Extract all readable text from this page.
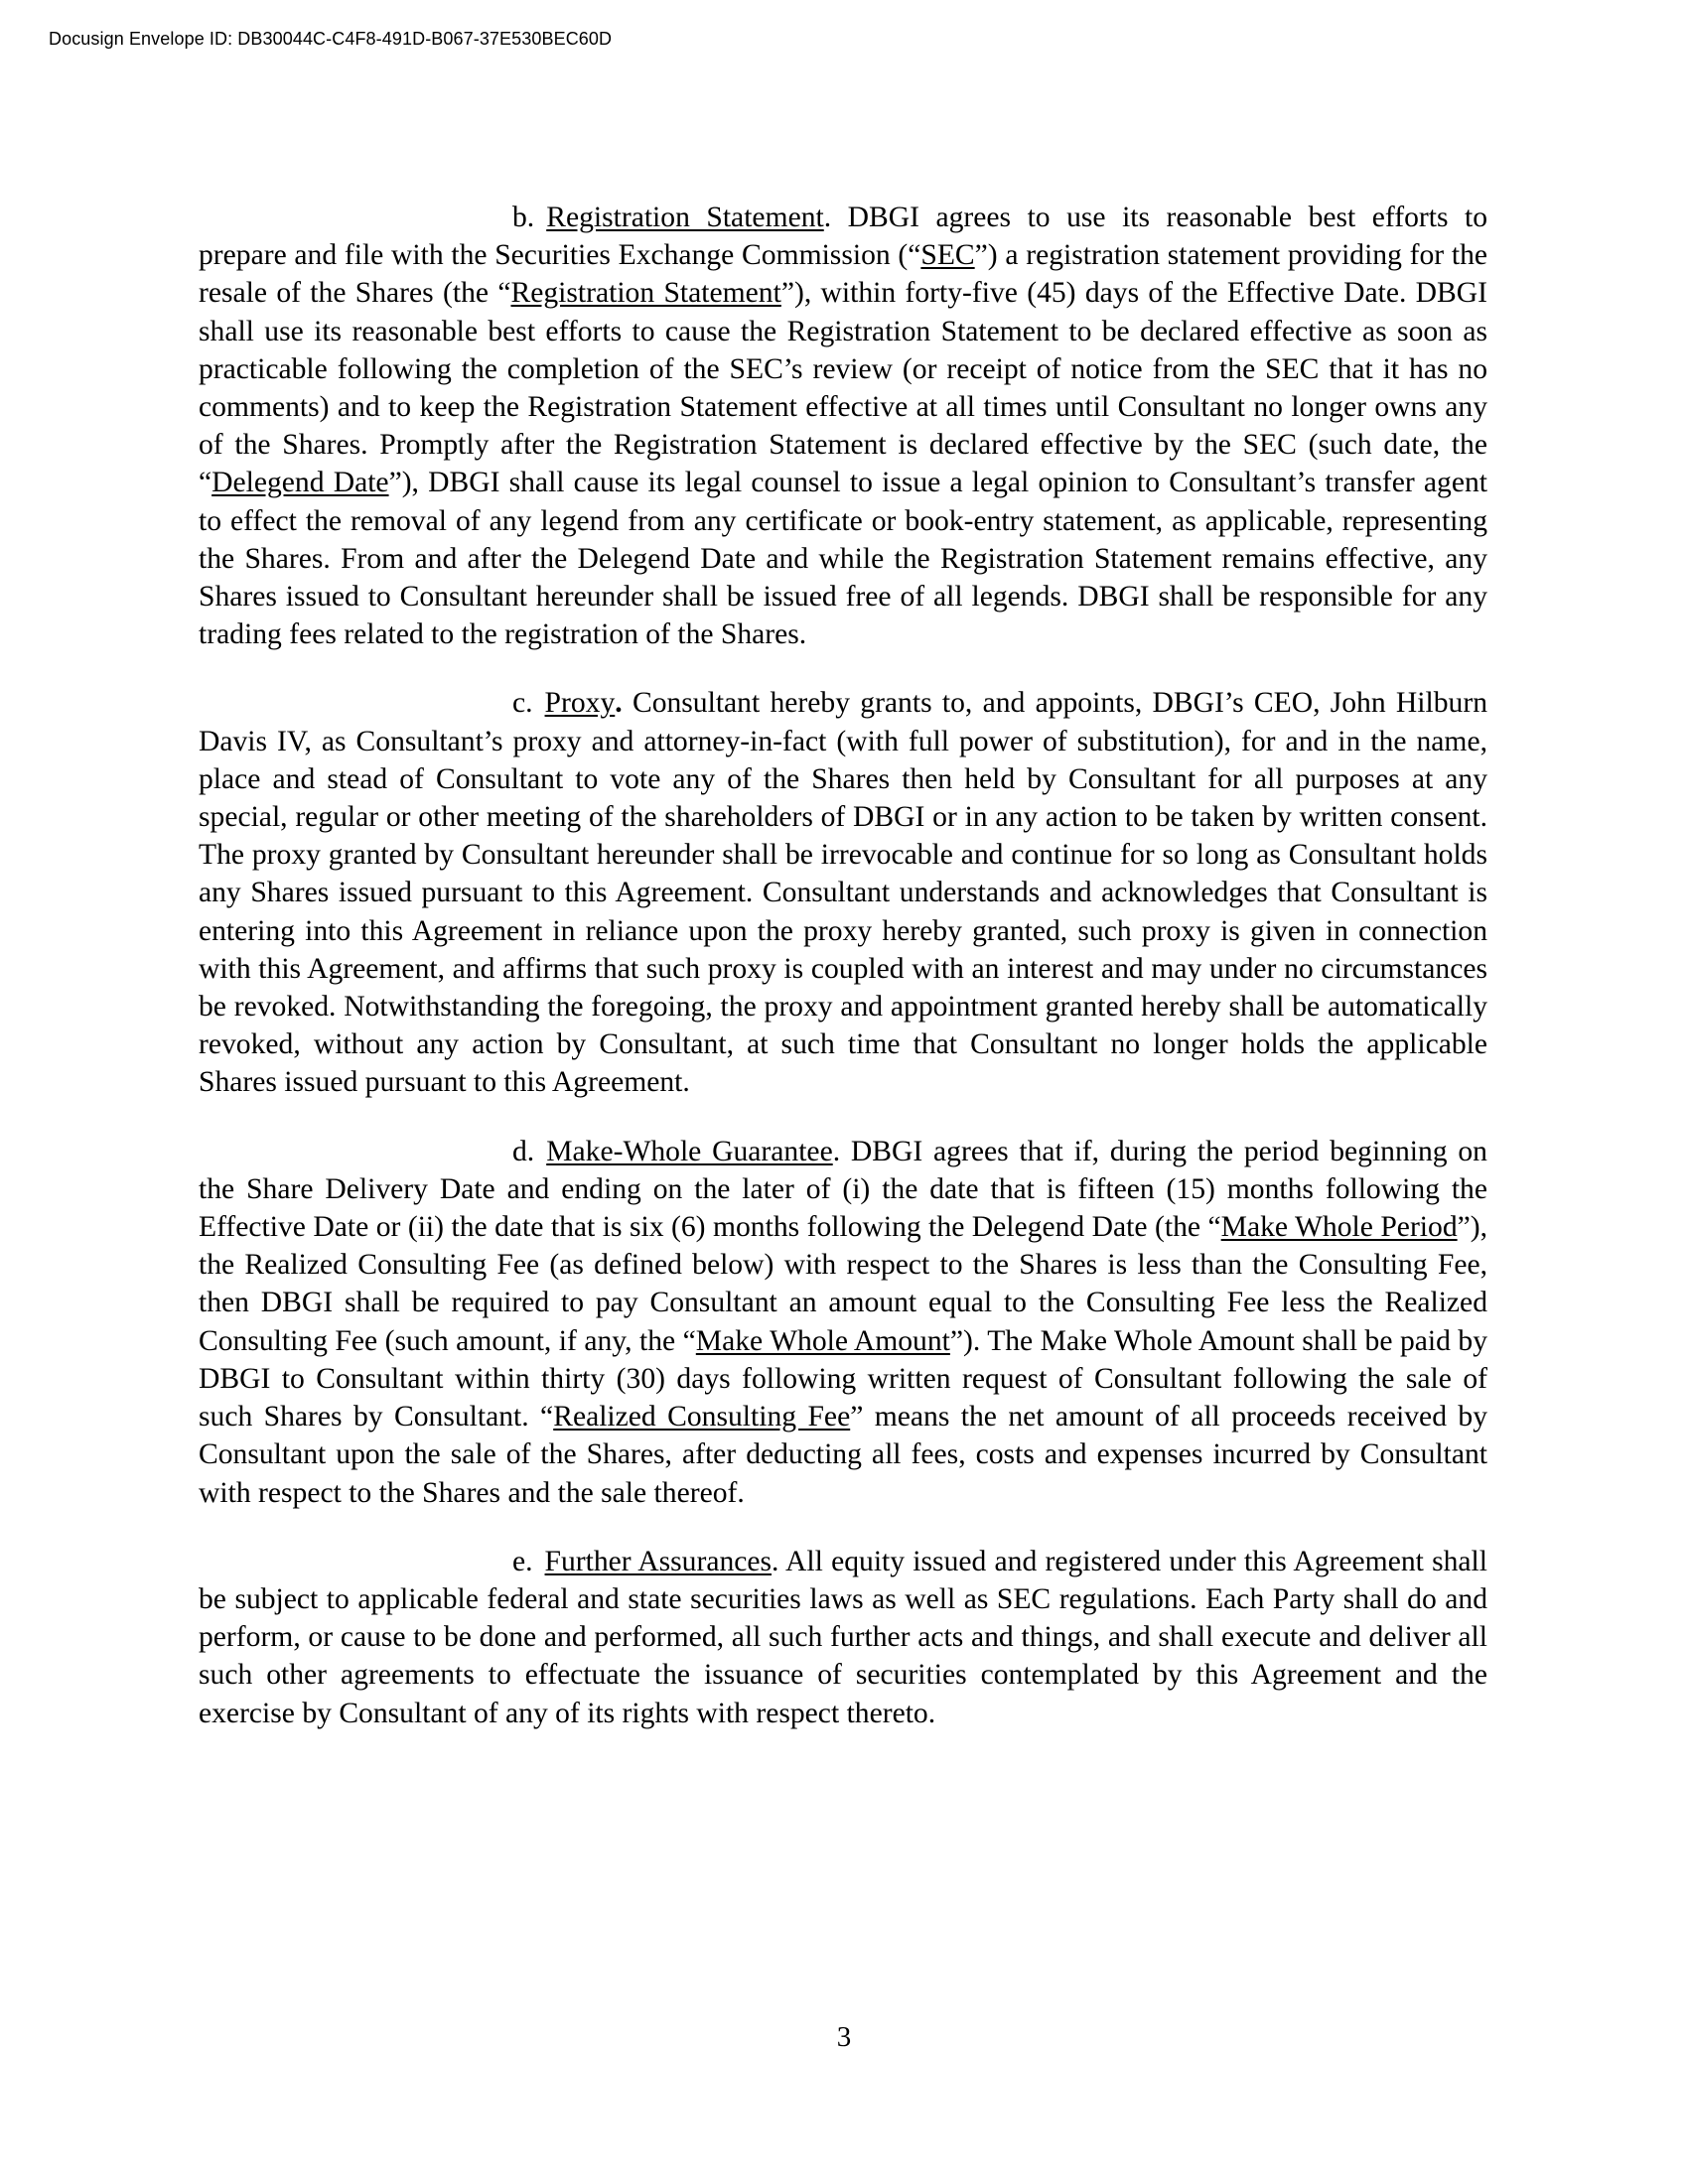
Docusign Envelope ID: DB30044C-C4F8-491D-B067-37E530BEC60D

b. Registration Statement. DBGI agrees to use its reasonable best efforts to prepare and file with the Securities Exchange Commission (“SEC”) a registration statement providing for the resale of the Shares (the “Registration Statement”), within forty-five (45) days of the Effective Date. DBGI shall use its reasonable best efforts to cause the Registration Statement to be declared effective as soon as practicable following the completion of the SEC’s review (or receipt of notice from the SEC that it has no comments) and to keep the Registration Statement effective at all times until Consultant no longer owns any of the Shares. Promptly after the Registration Statement is declared effective by the SEC (such date, the “Delegend Date”), DBGI shall cause its legal counsel to issue a legal opinion to Consultant’s transfer agent to effect the removal of any legend from any certificate or book-entry statement, as applicable, representing the Shares. From and after the Delegend Date and while the Registration Statement remains effective, any Shares issued to Consultant hereunder shall be issued free of all legends. DBGI shall be responsible for any trading fees related to the registration of the Shares.

c. Proxy. Consultant hereby grants to, and appoints, DBGI’s CEO, John Hilburn Davis IV, as Consultant’s proxy and attorney-in-fact (with full power of substitution), for and in the name, place and stead of Consultant to vote any of the Shares then held by Consultant for all purposes at any special, regular or other meeting of the shareholders of DBGI or in any action to be taken by written consent. The proxy granted by Consultant hereunder shall be irrevocable and continue for so long as Consultant holds any Shares issued pursuant to this Agreement. Consultant understands and acknowledges that Consultant is entering into this Agreement in reliance upon the proxy hereby granted, such proxy is given in connection with this Agreement, and affirms that such proxy is coupled with an interest and may under no circumstances be revoked. Notwithstanding the foregoing, the proxy and appointment granted hereby shall be automatically revoked, without any action by Consultant, at such time that Consultant no longer holds the applicable Shares issued pursuant to this Agreement.

d. Make-Whole Guarantee. DBGI agrees that if, during the period beginning on the Share Delivery Date and ending on the later of (i) the date that is fifteen (15) months following the Effective Date or (ii) the date that is six (6) months following the Delegend Date (the “Make Whole Period”), the Realized Consulting Fee (as defined below) with respect to the Shares is less than the Consulting Fee, then DBGI shall be required to pay Consultant an amount equal to the Consulting Fee less the Realized Consulting Fee (such amount, if any, the “Make Whole Amount”). The Make Whole Amount shall be paid by DBGI to Consultant within thirty (30) days following written request of Consultant following the sale of such Shares by Consultant. “Realized Consulting Fee” means the net amount of all proceeds received by Consultant upon the sale of the Shares, after deducting all fees, costs and expenses incurred by Consultant with respect to the Shares and the sale thereof.

e. Further Assurances. All equity issued and registered under this Agreement shall be subject to applicable federal and state securities laws as well as SEC regulations. Each Party shall do and perform, or cause to be done and performed, all such further acts and things, and shall execute and deliver all such other agreements to effectuate the issuance of securities contemplated by this Agreement and the exercise by Consultant of any of its rights with respect thereto.

3
